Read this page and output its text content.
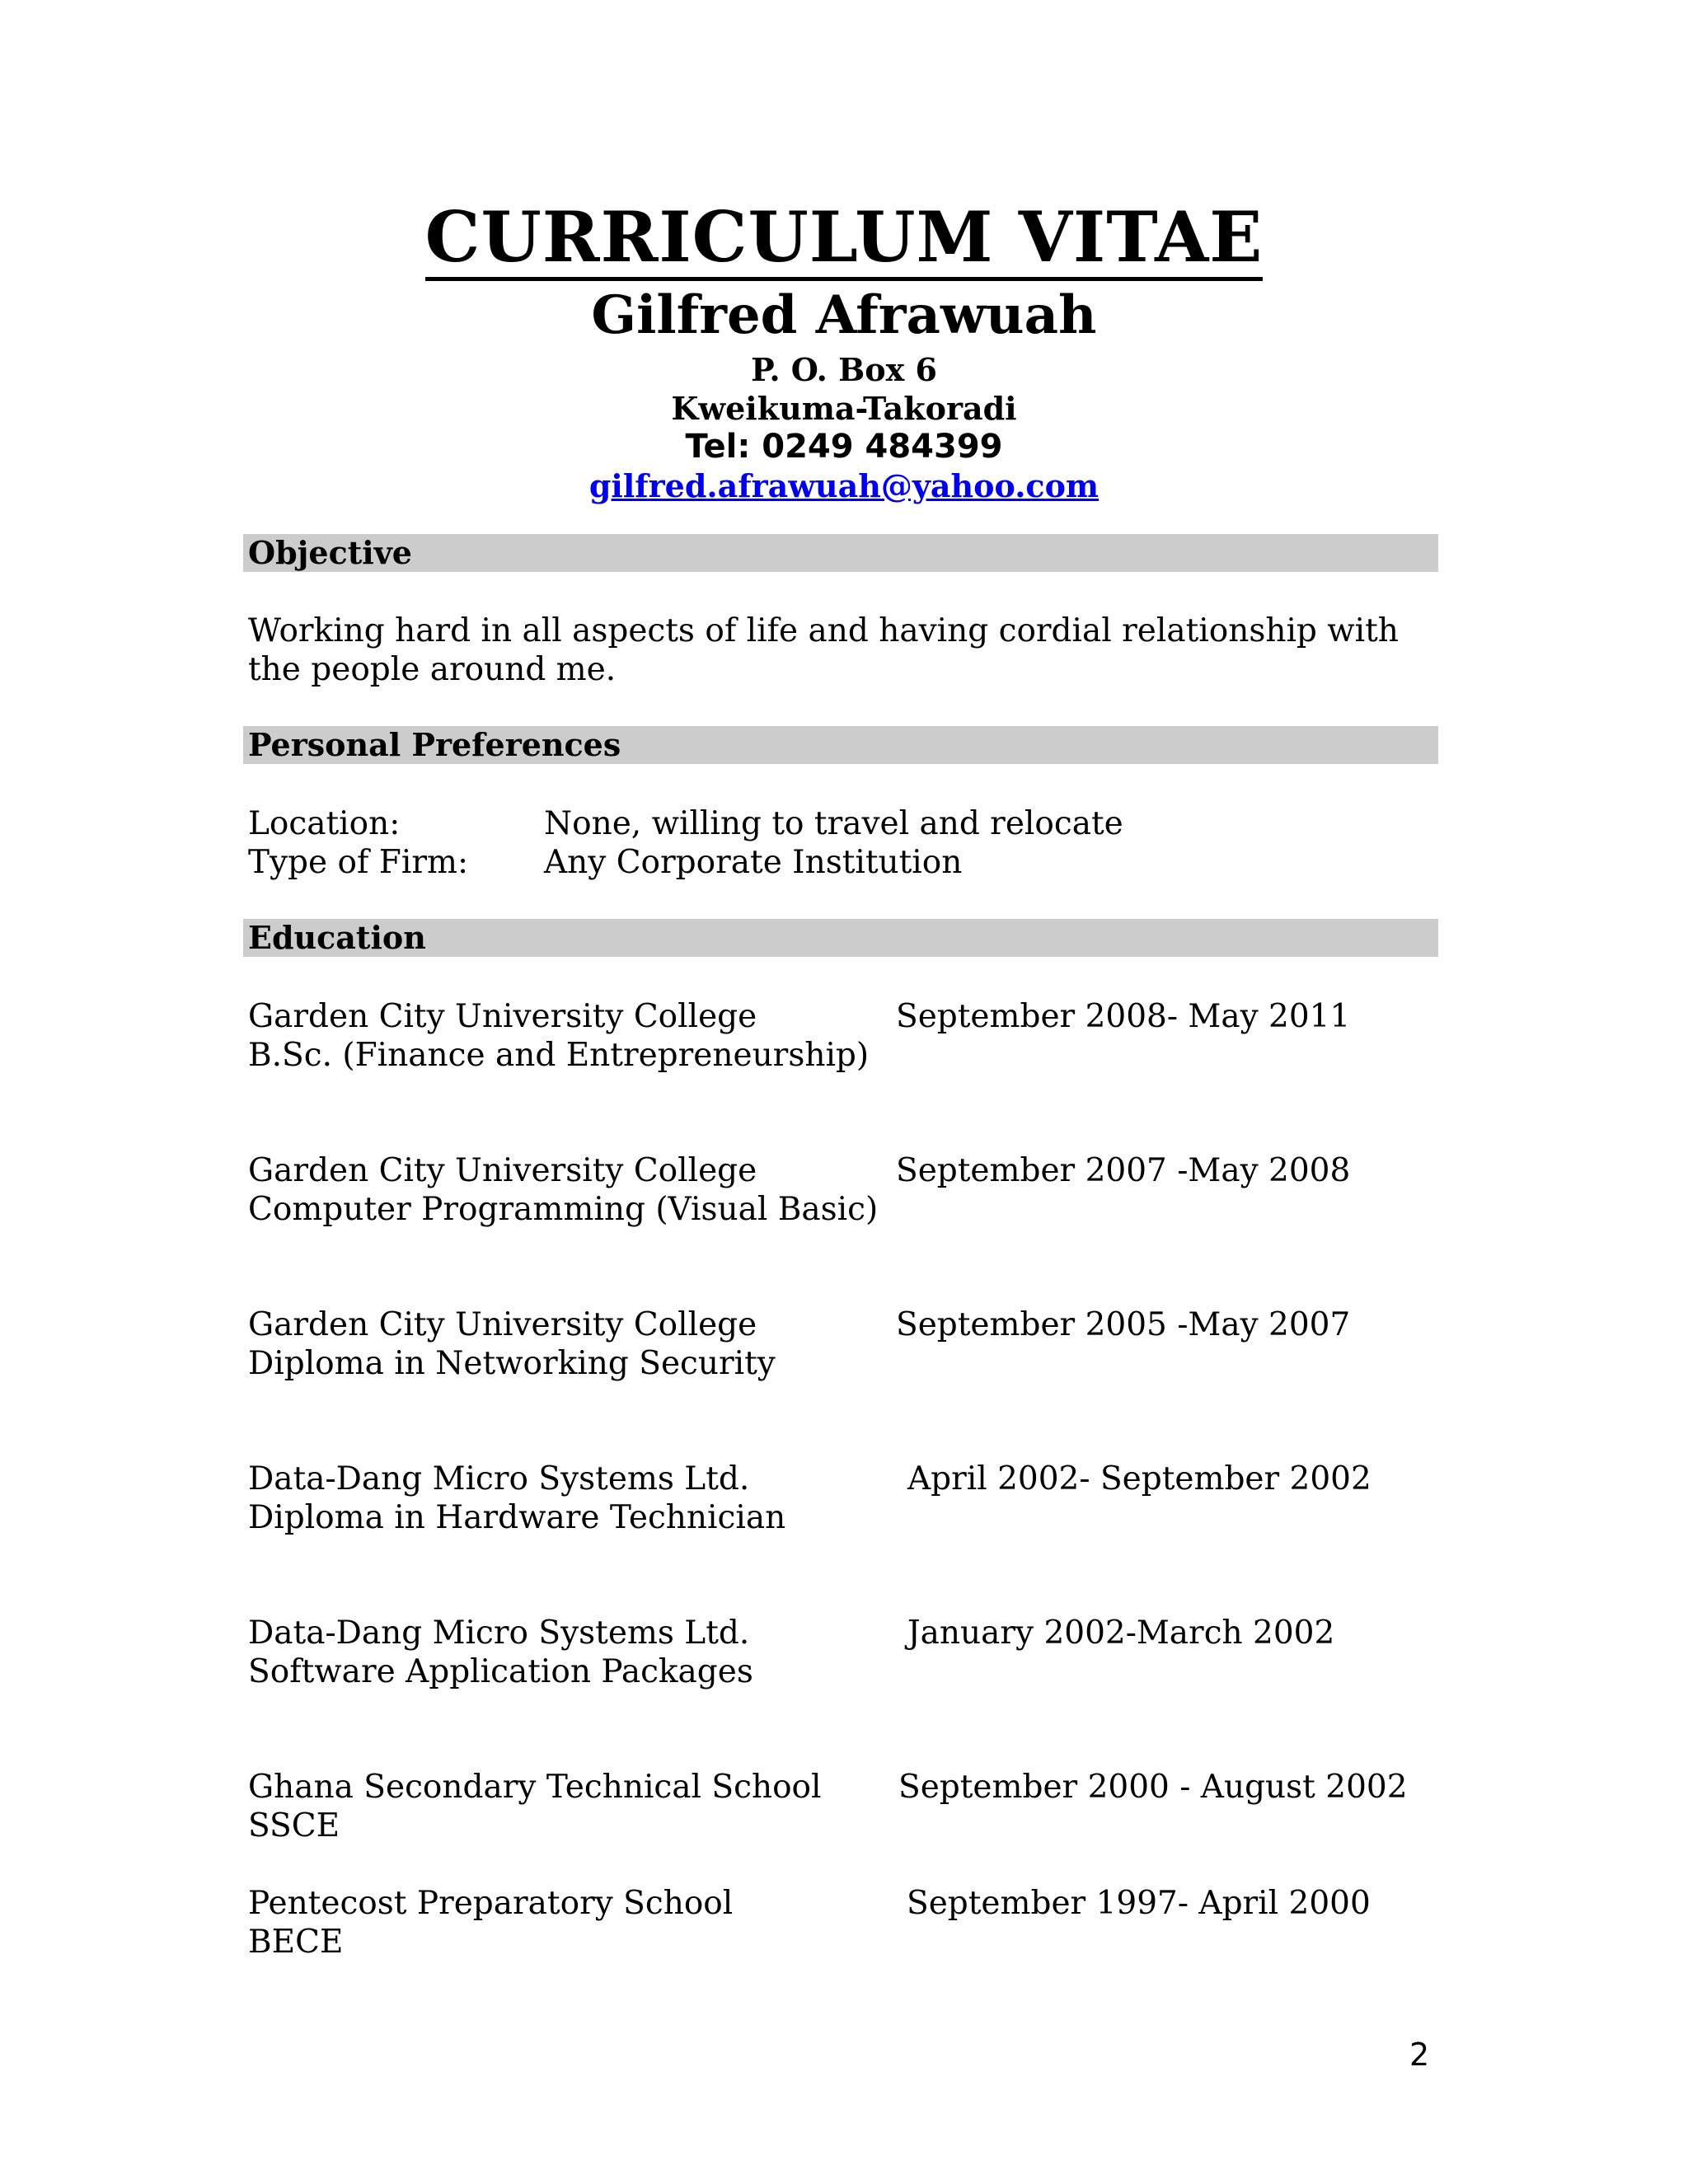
CURRICULUM VITAE
Gilfred Afrawuah
P. O. Box 6
Kweikuma-Takoradi
Tel: 0249 484399
gilfred.afrawuah@yahoo.com
Objective
Working hard in all aspects of life and having cordial relationship with
the people around me.
Personal Preferences
Location:	None, willing to travel and relocate
Type of Firm: Any Corporate Institution
Education
Garden City University College
B.Sc. (Finance and Entrepreneurship)
September 2008- May 2011
Garden City University College
Computer Programming (Visual Basic)
September 2007 -May 2008
Garden City University College
Diploma in Networking Security
September 2005 -May 2007
Data-Dang Micro Systems Ltd.
Diploma in Hardware Technician
April 2002- September 2002
Data-Dang Micro Systems Ltd.
Software Application Packages
January 2002-March 2002
Ghana Secondary Technical School
SSCE
September 2000 - August 2002
Pentecost Preparatory School
BECE
September 1997- April 2000
2
